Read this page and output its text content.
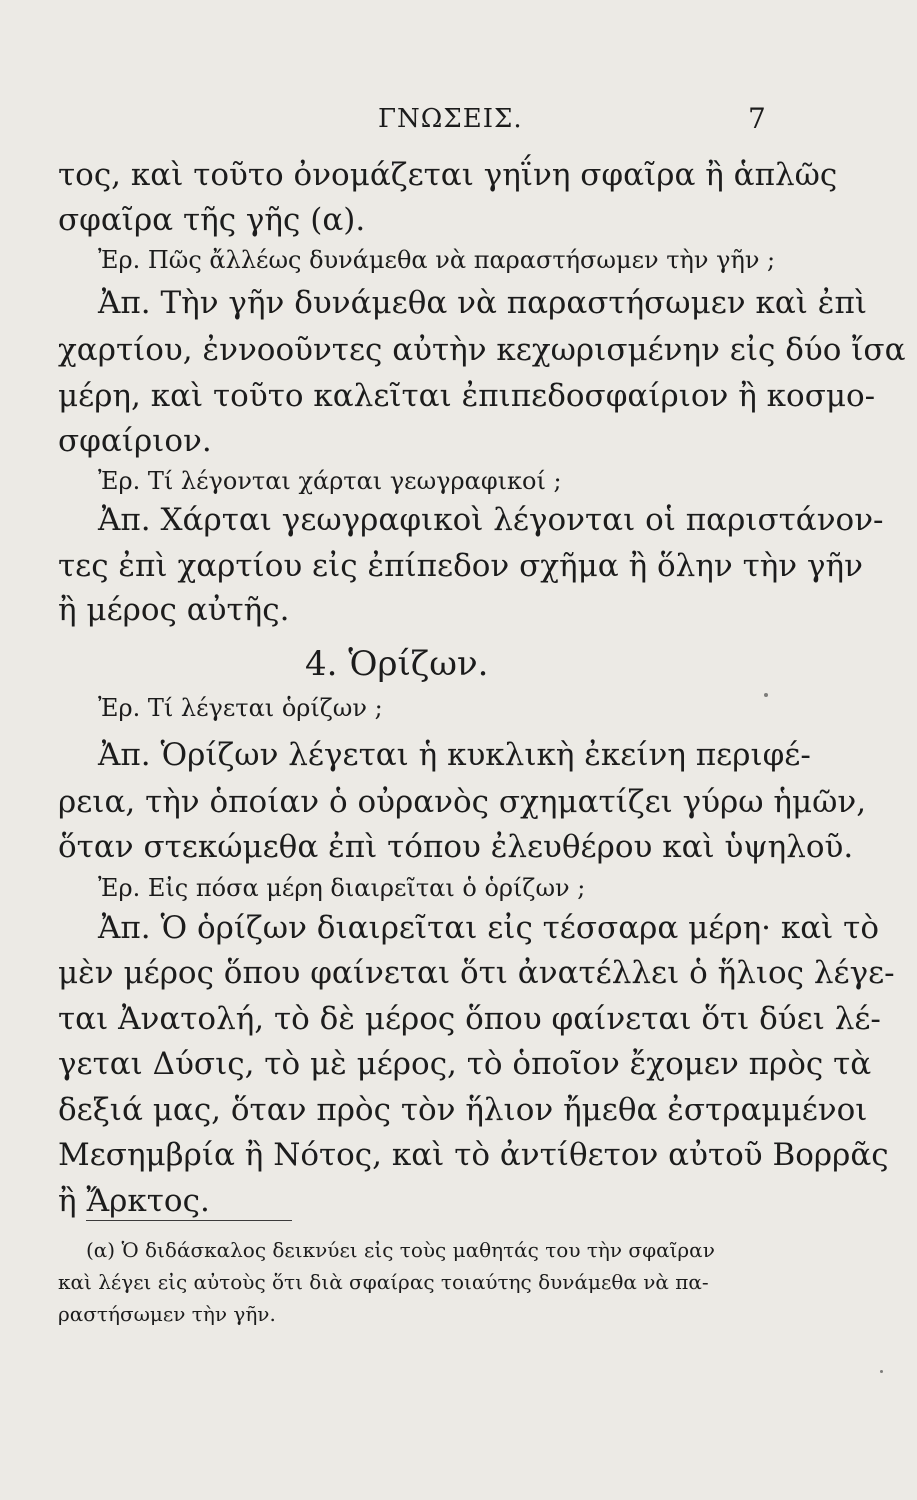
ΓΝΩΣΕΙΣ.	7
τος, καὶ τοῦτο ὀνομάζεται γηΐνη σφαῖρα ἢ ἁπλῶς
σφαῖρα τῆς γῆς (α).
Ἐρ. Πῶς ἄλλέως δυνάμεθα νὰ παραστήσωμεν τὴν γῆν ;
Ἀπ. Τὴν γῆν δυνάμεθα νὰ παραστήσωμεν καὶ ἐπὶ
χαρτίου, ἐννοοῦντες αὐτὴν κεχωρισμένην εἰς δύο ἴσα
μέρη, καὶ τοῦτο καλεῖται ἐπιπεδοσφαίριον ἢ κοσμο-
σφαίριον.
Ἐρ. Τί λέγονται χάρται γεωγραφικοί ;
Ἀπ. Χάρται γεωγραφικοὶ λέγονται οἱ παριστάνον-
τες ἐπὶ χαρτίου εἰς ἐπίπεδον σχῆμα ἢ ὅλην τὴν γῆν
ἢ μέρος αὐτῆς.
4. Ὁρίζων.
Ἐρ. Τί λέγεται ὁρίζων ;
Ἀπ. Ὁρίζων λέγεται ἡ κυκλικὴ ἐκείνη περιφέ-
ρεια, τὴν ὁποίαν ὁ οὐρανὸς σχηματίζει γύρω ἡμῶν,
ὅταν στεκώμεθα ἐπὶ τόπου ἐλευθέρου καὶ ὑψηλοῦ.
Ἐρ. Εἰς πόσα μέρη διαιρεῖται ὁ ὁρίζων ;
Ἀπ. Ὁ ὁρίζων διαιρεῖται εἰς τέσσαρα μέρη· καὶ τὸ
μὲν μέρος ὅπου φαίνεται ὅτι ἀνατέλλει ὁ ἥλιος λέγε-
ται Ἀνατολή, τὸ δὲ μέρος ὅπου φαίνεται ὅτι δύει λέ-
γεται Δύσις, τὸ μὲ μέρος, τὸ ὁποῖον ἔχομεν πρὸς τὰ
δεξιά μας, ὅταν πρὸς τὸν ἥλιον ἤμεθα ἐστραμμένοι
Μεσημβρία ἢ Νότος, καὶ τὸ ἀντίθετον αὐτοῦ Βορρᾶς
ἢ Ἄρκτος.
(α) Ὁ διδάσκαλος δεικνύει εἰς τοὺς μαθητάς του τὴν σφαῖραν
καὶ λέγει εἰς αὐτοὺς ὅτι διὰ σφαίρας τοιαύτης δυνάμεθα νὰ πα-
ραστήσωμεν τὴν γῆν.
